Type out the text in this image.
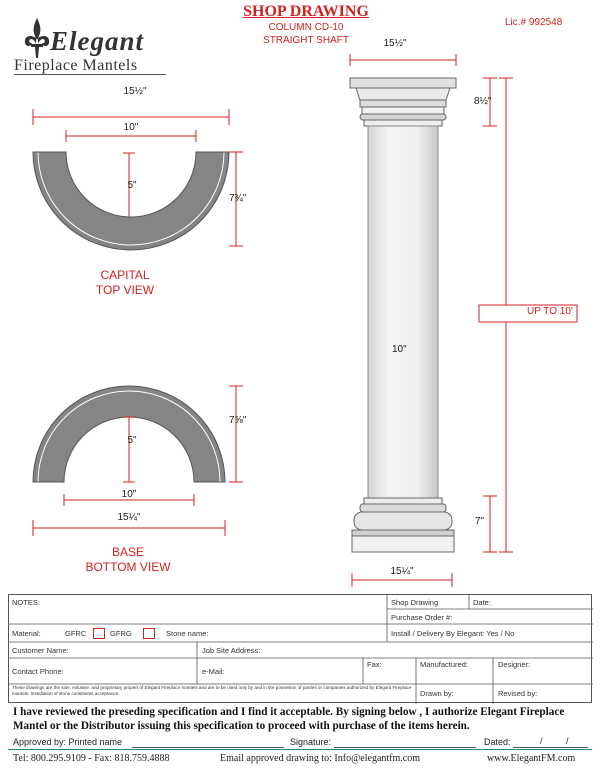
SHOP DRAWING
COLUMN CD-10
STRAIGHT SHAFT
Lic.# 992548
Elegant
Fireplace Mantels
15½"
10"
5"
7¾"
CAPITAL
TOP VIEW
7⅝"
5"
10"
15¼"
BASE
BOTTOM VIEW
15½"
8½"
UP TO 10'
10"
7"
15¼"
NOTES:	Shop Drawing	Date:
Purchase Order #:
Install / Delivery By Elegant: Yes / No
Material:	GFRC	GFRG	Stone name:
Customer Name:	Job Site Address:
Contact Phone:	e-Mail:
Fax:	Manufactured:	Designer:
Drawn by:	Revised by:
These drawings are the sole, exlusive, and proprietary propert of Elegant Fireplace mantels and are to be used only by and in the possesion of parties or companies authorized by Elegant Fireplace mantels. Installation of stone constitutes acceptance.
I have reviewed the preseding specification and I find it acceptable. By signing below , I authorize Elegant Fireplace Mantel or the Distributor issuing this specification to proceed with purchase of the items herein.
Approved by: Printed name	Signature:	Dated:	/	/
Tel: 800.295.9109 - Fax: 818.759.4888	Email approved drawing to: Info@elegantfm.com	www.ElegantFM.com
